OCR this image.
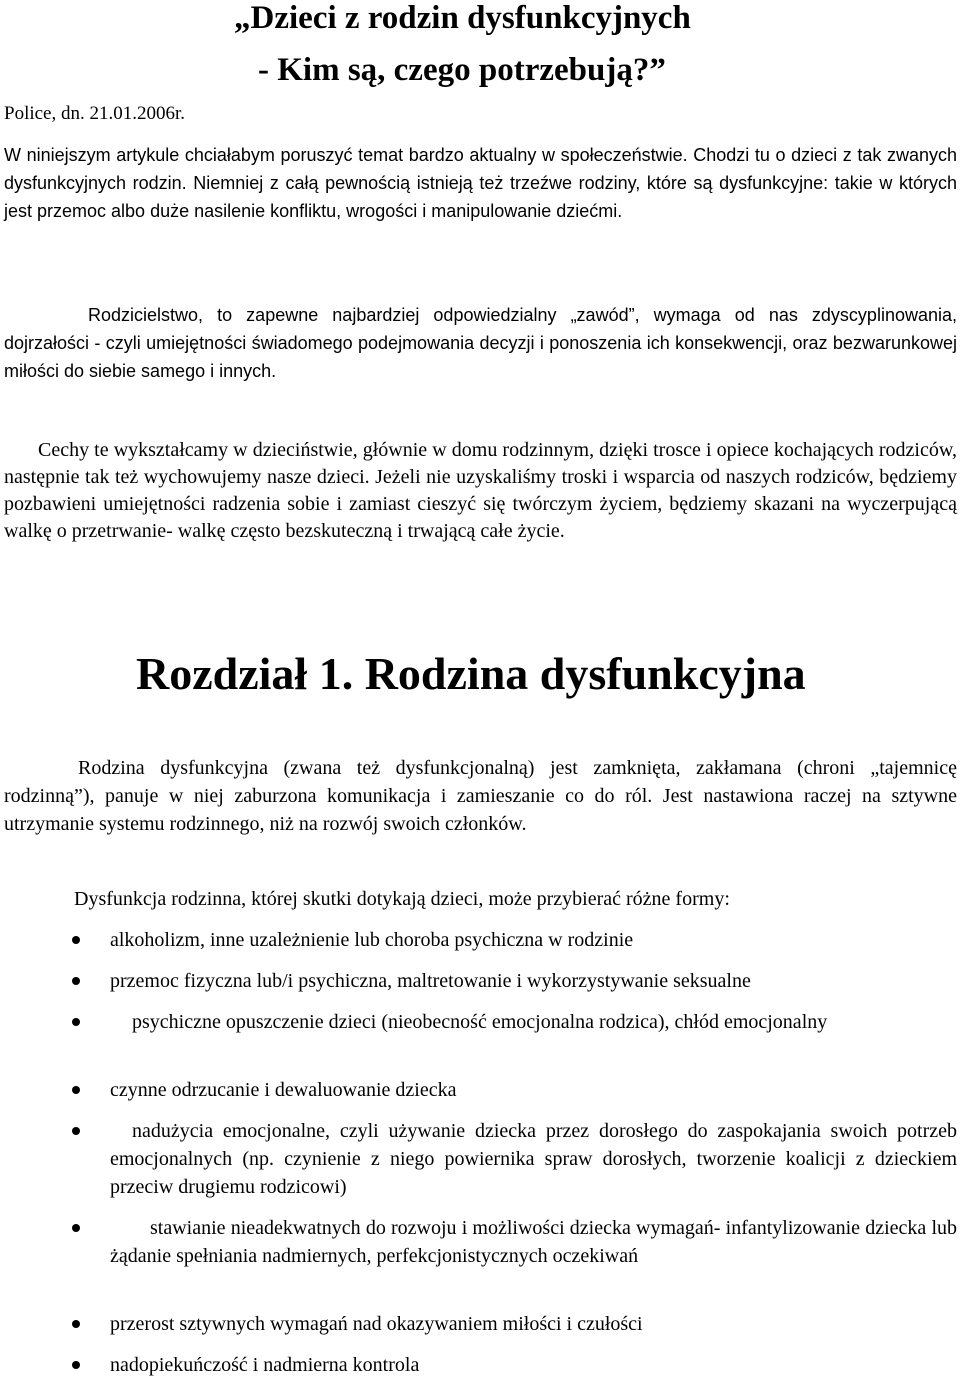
„Dzieci z rodzin dysfunkcyjnych
- Kim są, czego potrzebują?”
Police, dn. 21.01.2006r.

W niniejszym artykule chciałabym poruszyć temat bardzo aktualny w społeczeństwie. Chodzi tu o dzieci z tak zwanych dysfunkcyjnych rodzin. Niemniej z całą pewnością istnieją też trzeźwe rodziny, które są dysfunkcyjne: takie w których jest przemoc albo duże nasilenie konfliktu, wrogości i manipulowanie dziećmi.

Rodzicielstwo, to zapewne najbardziej odpowiedzialny „zawód”, wymaga od nas zdyscyplinowania, dojrzałości - czyli umiejętności świadomego podejmowania decyzji i ponoszenia ich konsekwencji, oraz bezwarunkowej miłości do siebie samego i innych.

Cechy te wykształcamy w dzieciństwie, głównie w domu rodzinnym, dzięki trosce i opiece kochających rodziców, następnie tak też wychowujemy nasze dzieci. Jeżeli nie uzyskaliśmy troski i wsparcia od naszych rodziców, będziemy pozbawieni umiejętności radzenia sobie i zamiast cieszyć się twórczym życiem, będziemy skazani na wyczerpującą walkę o przetrwanie- walkę często bezskuteczną i trwającą całe życie.

Rozdział 1. Rodzina dysfunkcyjna

Rodzina dysfunkcyjna (zwana też dysfunkcjonalną) jest zamknięta, zakłamana (chroni „tajemnicę rodzinną”), panuje w niej zaburzona komunikacja i zamieszanie co do ról. Jest nastawiona raczej na sztywne utrzymanie systemu rodzinnego, niż na rozwój swoich członków.

Dysfunkcja rodzinna, której skutki dotykają dzieci, może przybierać różne formy:

alkoholizm, inne uzależnienie lub choroba psychiczna w rodzinie
przemoc fizyczna lub/i psychiczna, maltretowanie i wykorzystywanie seksualne
psychiczne opuszczenie dzieci (nieobecność emocjonalna rodzica), chłód emocjonalny
czynne odrzucanie i dewaluowanie dziecka
nadużycia emocjonalne, czyli używanie dziecka przez dorosłego do zaspokajania swoich potrzeb emocjonalnych (np. czynienie z niego powiernika spraw dorosłych, tworzenie koalicji z dzieckiem przeciw drugiemu rodzicowi)
stawianie nieadekwatnych do rozwoju i możliwości dziecka wymagań- infantylizowanie dziecka lub żądanie spełniania nadmiernych, perfekcjonistycznych oczekiwań
przerost sztywnych wymagań nad okazywaniem miłości i czułości
nadopiekuńczość i nadmierna kontrola
